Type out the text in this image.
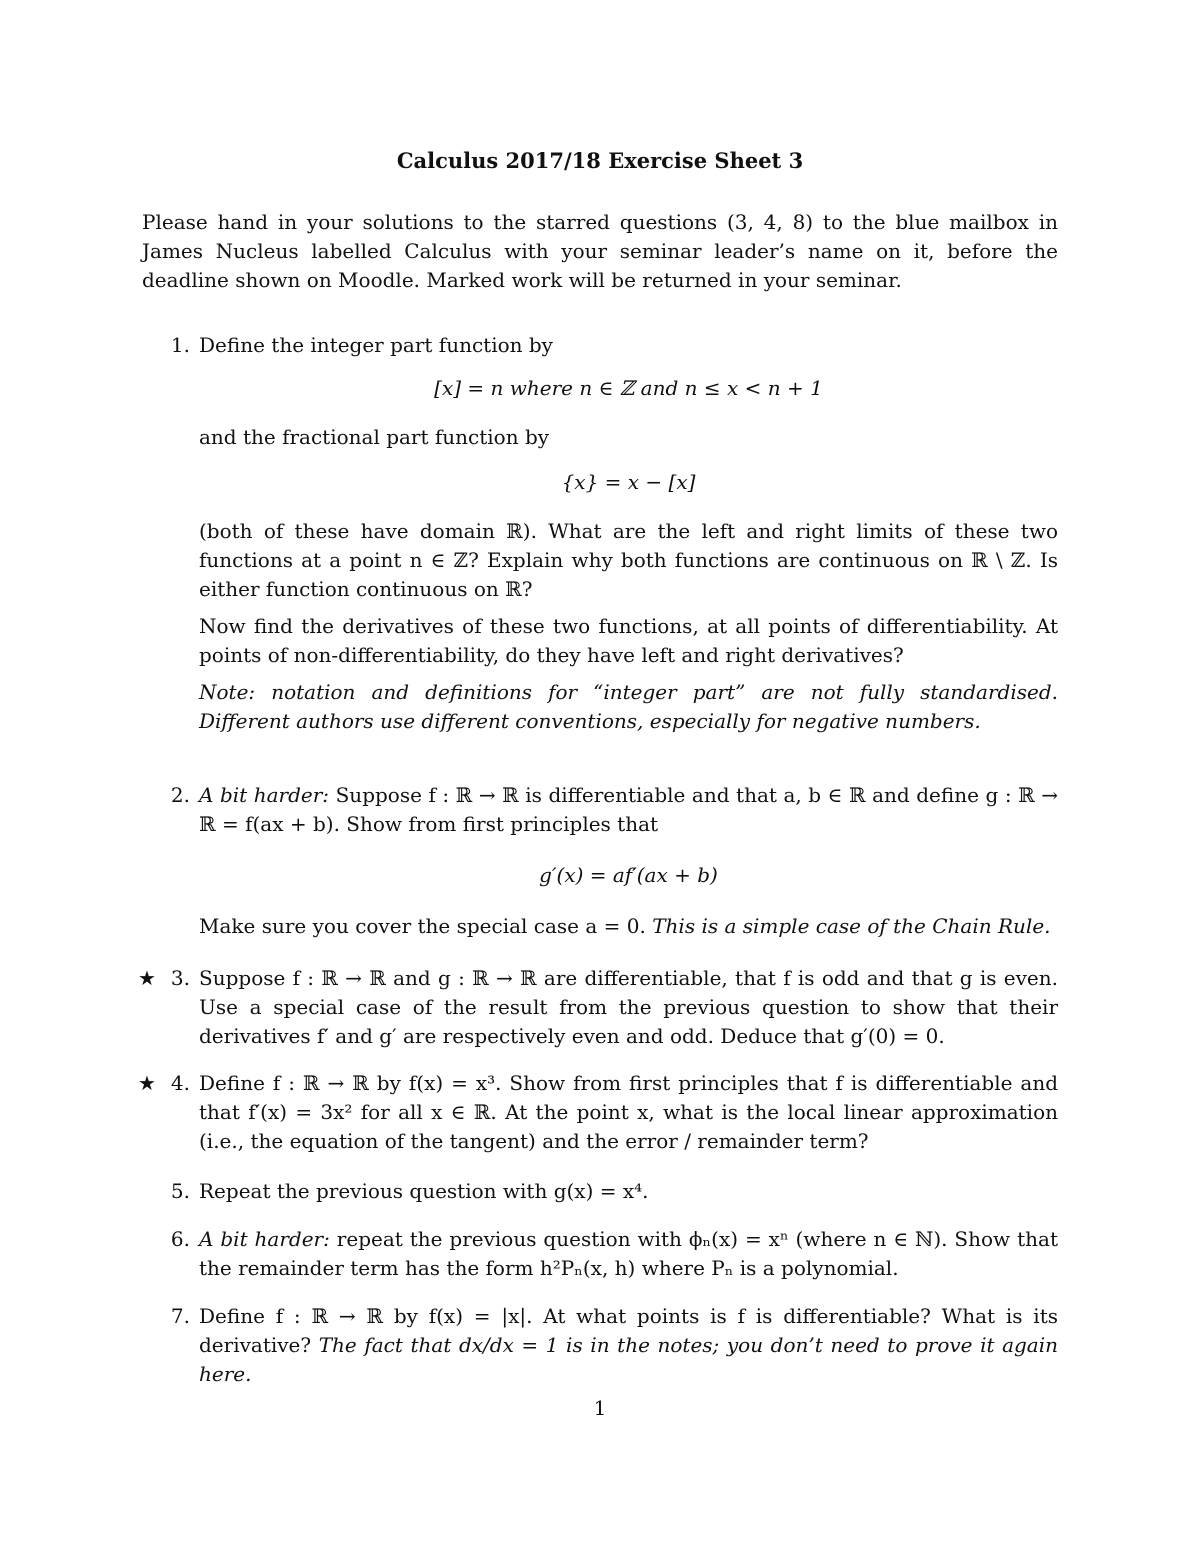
Calculus 2017/18 Exercise Sheet 3
Please hand in your solutions to the starred questions (3, 4, 8) to the blue mailbox in James Nucleus labelled Calculus with your seminar leader’s name on it, before the deadline shown on Moodle. Marked work will be returned in your seminar.
1. Define the integer part function by

[x] = n where n ∈ ℤ and n ≤ x < n + 1

and the fractional part function by

{x} = x − [x]

(both of these have domain ℝ). What are the left and right limits of these two functions at a point n ∈ ℤ? Explain why both functions are continuous on ℝ \ ℤ. Is either function continuous on ℝ?

Now find the derivatives of these two functions, at all points of differentiability. At points of non-differentiability, do they have left and right derivatives?

Note: notation and definitions for “integer part” are not fully standardised. Different authors use different conventions, especially for negative numbers.

2. A bit harder: Suppose f : ℝ → ℝ is differentiable and that a, b ∈ ℝ and define g : ℝ → ℝ = f(ax + b). Show from first principles that

g′(x) = af′(ax + b)

Make sure you cover the special case a = 0. This is a simple case of the Chain Rule.

★ 3. Suppose f : ℝ → ℝ and g : ℝ → ℝ are differentiable, that f is odd and that g is even. Use a special case of the result from the previous question to show that their derivatives f′ and g′ are respectively even and odd. Deduce that g′(0) = 0.

★ 4. Define f : ℝ → ℝ by f(x) = x³. Show from first principles that f is differentiable and that f′(x) = 3x² for all x ∈ ℝ. At the point x, what is the local linear approximation (i.e., the equation of the tangent) and the error / remainder term?

5. Repeat the previous question with g(x) = x⁴.

6. A bit harder: repeat the previous question with ϕₙ(x) = xⁿ (where n ∈ ℕ). Show that the remainder term has the form h²Pₙ(x, h) where Pₙ is a polynomial.

7. Define f : ℝ → ℝ by f(x) = |x|. At what points is f is differentiable? What is its derivative? The fact that dx/dx = 1 is in the notes; you don’t need to prove it again here.

1
